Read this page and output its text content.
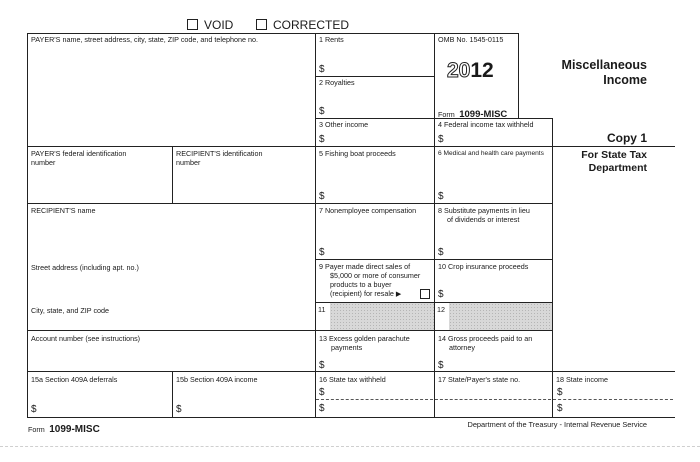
VOID	CORRECTED
PAYER'S name, street address, city, state, ZIP code, and telephone no.
PAYER'S federal identification
number
RECIPIENT'S identification
number
RECIPIENT'S name
Street address (including apt. no.)
City, state, and ZIP code
Account number (see instructions)
15a Section 409A deferrals
$
15b Section 409A income
$
1 Rents
$
2 Royalties
$
3 Other income
$
5 Fishing boat proceeds
$
7 Nonemployee compensation
$
9 Payer made direct sales of
$5,000 or more of consumer
products to a buyer
(recipient) for resale ▶
11
13 Excess golden parachute
payments
$
16 State tax withheld
$
$
OMB No. 1545-0115
2012
Form 1099-MISC
4 Federal income tax withheld
$
6 Medical and health care payments
$
8 Substitute payments in lieu
of dividends or interest
$
10 Crop insurance proceeds
$
12
14 Gross proceeds paid to an
attorney
$
17 State/Payer's state no.
Miscellaneous
Income
Copy 1
For State Tax
Department
18 State income
$
$
Form 1099-MISC	Department of the Treasury - Internal Revenue Service
